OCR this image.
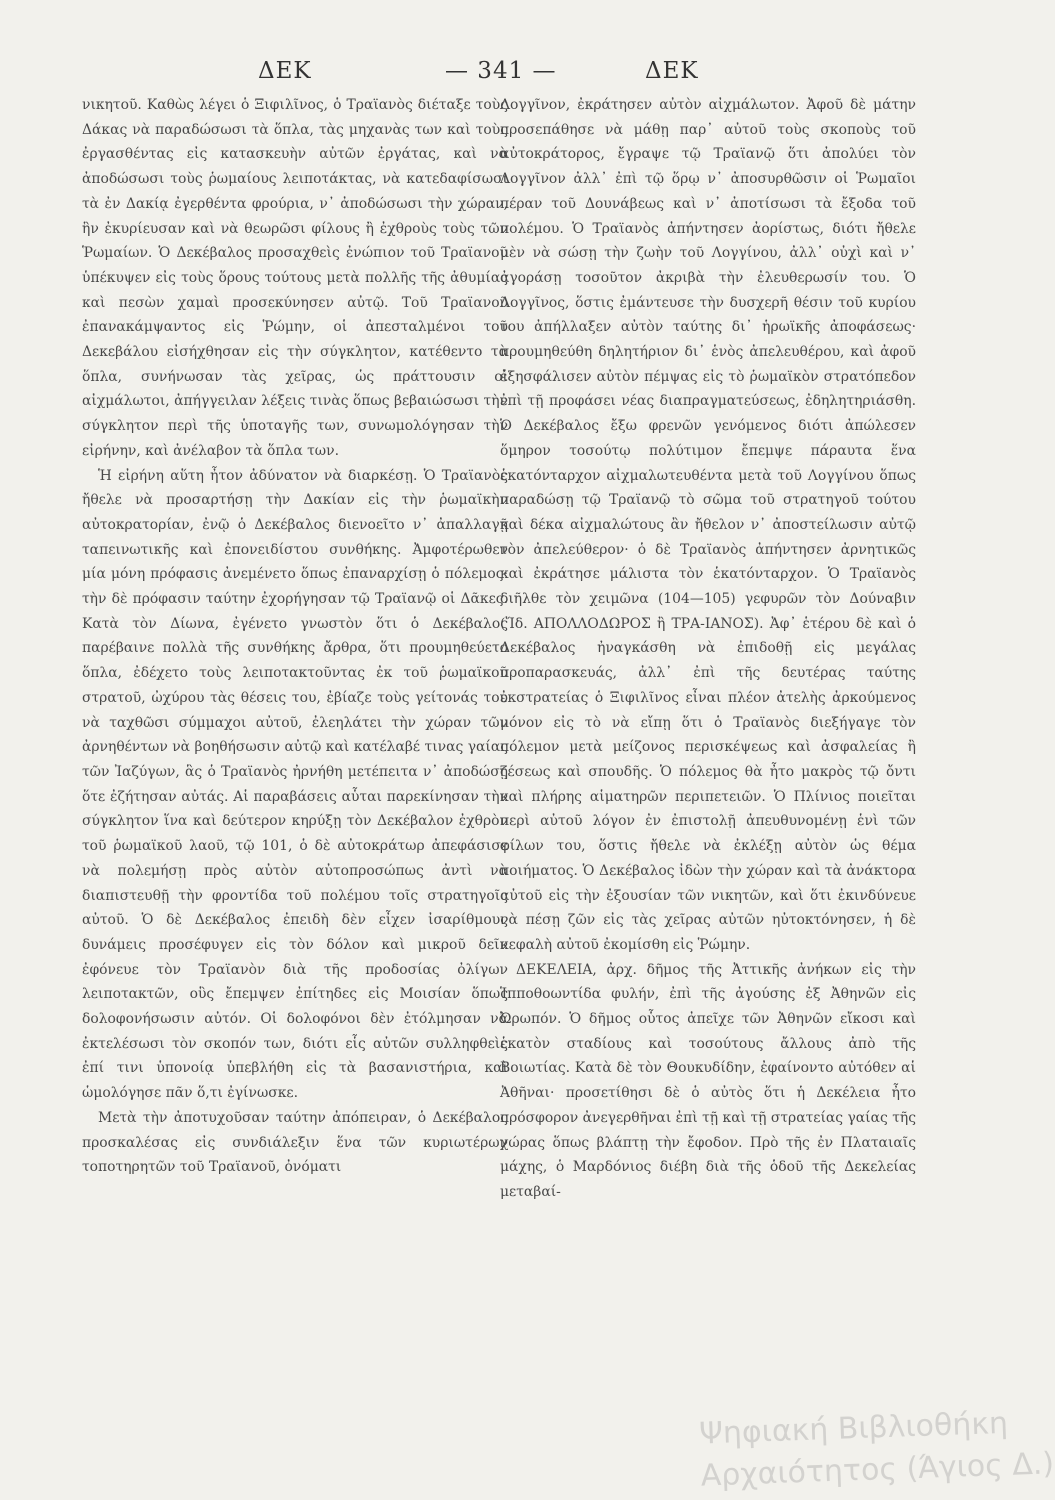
ΔΕΚ	— 341 —	ΔΕΚ

νικητοῦ. Καθὼς λέγει ὁ Ξιφιλῖνος, ὁ Τραϊανὸς διέταξε τοὺς Δάκας νὰ παραδώσωσι τὰ ὅπλα, τὰς μηχανὰς των καὶ τοὺς ἐργασθέντας εἰς κατασκευὴν αὐτῶν ἐργάτας, καὶ νὰ ἀποδώσωσι τοὺς ῥωμαίους λειποτάκτας, νὰ κατεδαφίσωσι τὰ ἐν Δακίᾳ ἐγερθέντα φρούρια, ν᾽ ἀποδώσωσι τὴν χώραν, ἣν ἐκυρίευσαν καὶ νὰ θεωρῶσι φίλους ἢ ἐχθροὺς τοὺς τῶν Ῥωμαίων. Ὁ Δεκέβαλος προσαχθεὶς ἐνώπιον τοῦ Τραϊανοῦ ὑπέκυψεν εἰς τοὺς ὅρους τούτους μετὰ πολλῆς τῆς ἀθυμίας καὶ πεσὼν χαμαὶ προσεκύνησεν αὐτῷ. Τοῦ Τραϊανοῦ ἐπανακάμψαντος εἰς Ῥώμην, οἱ ἀπεσταλμένοι τοῦ Δεκεβάλου εἰσήχθησαν εἰς τὴν σύγκλητον, κατέθεντο τὰ ὅπλα, συνήνωσαν τὰς χεῖρας, ὡς πράττουσιν οἱ αἰχμάλωτοι, ἀπήγγειλαν λέξεις τινὰς ὅπως βεβαιώσωσι τὴν σύγκλητον περὶ τῆς ὑποταγῆς των, συνωμολόγησαν τὴν εἰρήνην, καὶ ἀνέλαβον τὰ ὅπλα των.

Ἡ εἰρήνη αὕτη ἦτον ἀδύνατον νὰ διαρκέσῃ. Ὁ Τραϊανὸς ἤθελε νὰ προσαρτήσῃ τὴν Δακίαν εἰς τὴν ῥωμαϊκὴν αὐτοκρατορίαν, ἐνῷ ὁ Δεκέβαλος διενοεῖτο ν᾽ ἀπαλλαγῇ ταπεινωτικῆς καὶ ἐπονειδίστου συνθήκης. Ἀμφοτέρωθεν μία μόνη πρόφασις ἀνεμένετο ὅπως ἐπαναρχίσῃ ὁ πόλεμος· τὴν δὲ πρόφασιν ταύτην ἐχορήγησαν τῷ Τραϊανῷ οἱ Δᾶκες. Κατὰ τὸν Δίωνα, ἐγένετο γνωστὸν ὅτι ὁ Δεκέβαλος παρέβαινε πολλὰ τῆς συνθήκης ἄρθρα, ὅτι προυμηθεύετο ὅπλα, ἐδέχετο τοὺς λειποτακτοῦντας ἐκ τοῦ ῥωμαϊκοῦ στρατοῦ, ὠχύρου τὰς θέσεις του, ἐβίαζε τοὺς γείτονάς του νὰ ταχθῶσι σύμμαχοι αὐτοῦ, ἐλεηλάτει τὴν χώραν τῶν ἀρνηθέντων νὰ βοηθήσωσιν αὐτῷ καὶ κατέλαβέ τινας γαίας τῶν Ἰαζύγων, ἃς ὁ Τραϊανὸς ἠρνήθη μετέπειτα ν᾽ ἀποδώσῃ ὅτε ἐζήτησαν αὐτάς. Αἱ παραβάσεις αὗται παρεκίνησαν τὴν σύγκλητον ἵνα καὶ δεύτερον κηρύξῃ τὸν Δεκέβαλον ἐχθρὸν τοῦ ῥωμαϊκοῦ λαοῦ, τῷ 101, ὁ δὲ αὐτοκράτωρ ἀπεφάσισε νὰ πολεμήσῃ πρὸς αὐτὸν αὐτοπροσώπως ἀντὶ νὰ διαπιστευθῇ τὴν φροντίδα τοῦ πολέμου τοῖς στρατηγοῖς αὐτοῦ. Ὁ δὲ Δεκέβαλος ἐπειδὴ δὲν εἶχεν ἰσαρίθμους δυνάμεις προσέφυγεν εἰς τὸν δόλον καὶ μικροῦ δεῖν ἐφόνευε τὸν Τραϊανὸν διὰ τῆς προδοσίας ὀλίγων λειποτακτῶν, οὓς ἔπεμψεν ἐπίτηδες εἰς Μοισίαν ὅπως δολοφονήσωσιν αὐτόν. Οἱ δολοφόνοι δὲν ἐτόλμησαν νὰ ἐκτελέσωσι τὸν σκοπόν των, διότι εἷς αὐτῶν συλληφθεὶς ἐπί τινι ὑπονοίᾳ ὑπεβλήθη εἰς τὰ βασανιστήρια, καὶ ὡμολόγησε πᾶν ὅ,τι ἐγίνωσκε.

Μετὰ τὴν ἀποτυχοῦσαν ταύτην ἀπόπειραν, ὁ Δεκέβαλος προσκαλέσας εἰς συνδιάλεξιν ἕνα τῶν κυριωτέρων τοποτηρητῶν τοῦ Τραϊανοῦ, ὀνόματι

Λογγῖνον, ἐκράτησεν αὐτὸν αἰχμάλωτον. Ἀφοῦ δὲ μάτην προσεπάθησε νὰ μάθῃ παρ᾽ αὐτοῦ τοὺς σκοποὺς τοῦ αὐτοκράτορος, ἔγραψε τῷ Τραϊανῷ ὅτι ἀπολύει τὸν Λογγῖνον ἀλλ᾽ ἐπὶ τῷ ὅρῳ ν᾽ ἀποσυρθῶσιν οἱ Ῥωμαῖοι πέραν τοῦ Δουνάβεως καὶ ν᾽ ἀποτίσωσι τὰ ἔξοδα τοῦ πολέμου. Ὁ Τραϊανὸς ἀπήντησεν ἀορίστως, διότι ἤθελε μὲν νὰ σώσῃ τὴν ζωὴν τοῦ Λογγίνου, ἀλλ᾽ οὐχὶ καὶ ν᾽ ἀγοράσῃ τοσοῦτον ἀκριβὰ τὴν ἐλευθερωσίν του. Ὁ Λογγῖνος, ὅστις ἐμάντευσε τὴν δυσχερῆ θέσιν τοῦ κυρίου του ἀπήλλαξεν αὐτὸν ταύτης δι᾽ ἡρωϊκῆς ἀποφάσεως· προυμηθεύθη δηλητήριον δι᾽ ἑνὸς ἀπελευθέρου, καὶ ἀφοῦ ἐξησφάλισεν αὐτὸν πέμψας εἰς τὸ ῥωμαϊκὸν στρατόπεδον ἐπὶ τῇ προφάσει νέας διαπραγματεύσεως, ἐδηλητηριάσθη. Ὁ Δεκέβαλος ἔξω φρενῶν γενόμενος διότι ἀπώλεσεν ὅμηρον τοσούτῳ πολύτιμον ἔπεμψε πάραυτα ἕνα ἑκατόνταρχον αἰχμαλωτευθέντα μετὰ τοῦ Λογγίνου ὅπως παραδώσῃ τῷ Τραϊανῷ τὸ σῶμα τοῦ στρατηγοῦ τούτου καὶ δέκα αἰχμαλώτους ἂν ἤθελον ν᾽ ἀποστείλωσιν αὐτῷ τὸν ἀπελεύθερον· ὁ δὲ Τραϊανὸς ἀπήντησεν ἀρνητικῶς καὶ ἐκράτησε μάλιστα τὸν ἑκατόνταρχον. Ὁ Τραϊανὸς διῆλθε τὸν χειμῶνα (104—105) γεφυρῶν τὸν Δούναβιν (Ἴδ. ΑΠΟΛΛΟΔΩΡΟΣ ἢ ΤΡΑ-ΙΑΝΟΣ). Ἀφ᾽ ἑτέρου δὲ καὶ ὁ Δεκέβαλος ἠναγκάσθη νὰ ἐπιδοθῇ εἰς μεγάλας προπαρασκευάς, ἀλλ᾽ ἐπὶ τῆς δευτέρας ταύτης ἐκστρατείας ὁ Ξιφιλῖνος εἶναι πλέον ἀτελὴς ἀρκούμενος μόνον εἰς τὸ νὰ εἴπῃ ὅτι ὁ Τραϊανὸς διεξήγαγε τὸν πόλεμον μετὰ μείζονος περισκέψεως καὶ ἀσφαλείας ἢ ζέσεως καὶ σπουδῆς. Ὁ πόλεμος θὰ ἦτο μακρὸς τῷ ὄντι καὶ πλήρης αἱματηρῶν περιπετειῶν. Ὁ Πλίνιος ποιεῖται περὶ αὐτοῦ λόγον ἐν ἐπιστολῇ ἀπευθυνομένῃ ἑνὶ τῶν φίλων του, ὅστις ἤθελε νὰ ἐκλέξῃ αὐτὸν ὡς θέμα ποιήματος. Ὁ Δεκέβαλος ἰδὼν τὴν χώραν καὶ τὰ ἀνάκτορα αὐτοῦ εἰς τὴν ἐξουσίαν τῶν νικητῶν, καὶ ὅτι ἐκινδύνευε νὰ πέσῃ ζῶν εἰς τὰς χεῖρας αὐτῶν ηὐτοκτόνησεν, ἡ δὲ κεφαλὴ αὐτοῦ ἐκομίσθη εἰς Ῥώμην.

ΔΕΚΕΛΕΙΑ, ἀρχ. δῆμος τῆς Ἀττικῆς ἀνήκων εἰς τὴν Ἱπποθοωντίδα φυλήν, ἐπὶ τῆς ἀγούσης ἐξ Ἀθηνῶν εἰς Ὠρωπόν. Ὁ δῆμος οὗτος ἀπεῖχε τῶν Ἀθηνῶν εἴκοσι καὶ ἑκατὸν σταδίους καὶ τοσούτους ἄλλους ἀπὸ τῆς Βοιωτίας. Κατὰ δὲ τὸν Θουκυδίδην, ἐφαίνοντο αὐτόθεν αἱ Ἀθῆναι· προσετίθησι δὲ ὁ αὐτὸς ὅτι ἡ Δεκέλεια ἦτο πρόσφορον ἀνεγερθῆναι ἐπὶ τῇ καὶ τῇ στρατείας γαίας τῆς χώρας ὅπως βλάπτῃ τὴν ἔφοδον. Πρὸ τῆς ἐν Πλαταιαῖς μάχης, ὁ Μαρδόνιος διέβη διὰ τῆς ὁδοῦ τῆς Δεκελείας μεταβαί-

Ψηφιακή Βιβλιοθήκη
Αρχαιότητος (Άγιος Δ.)
